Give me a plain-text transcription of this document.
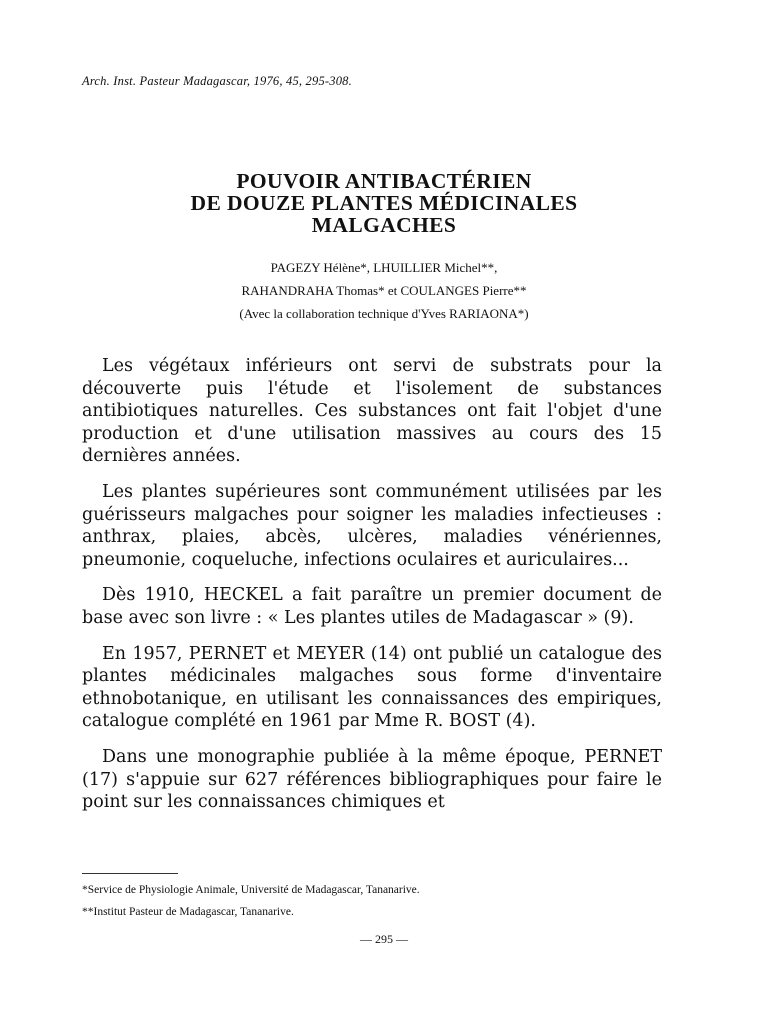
Arch. Inst. Pasteur Madagascar, 1976, 45, 295-308.
POUVOIR ANTIBACTÉRIEN
DE DOUZE PLANTES MÉDICINALES
MALGACHES
PAGEZY Hélène*, LHUILLIER Michel**,
RAHANDRAHA Thomas* et COULANGES Pierre**
(Avec la collaboration technique d'Yves RARIAONA*)

Les végétaux inférieurs ont servi de substrats pour la découverte puis l'étude et l'isolement de substances antibiotiques naturelles. Ces substances ont fait l'objet d'une production et d'une utilisation massives au cours des 15 dernières années.

Les plantes supérieures sont communément utilisées par les guérisseurs malgaches pour soigner les maladies infectieuses : anthrax, plaies, abcès, ulcères, maladies vénériennes, pneumonie, coqueluche, infections oculaires et auriculaires...

Dès 1910, HECKEL a fait paraître un premier document de base avec son livre : « Les plantes utiles de Madagascar » (9).

En 1957, PERNET et MEYER (14) ont publié un catalogue des plantes médicinales malgaches sous forme d'inventaire ethnobotanique, en utilisant les connaissances des empiriques, catalogue complété en 1961 par Mme R. BOST (4).

Dans une monographie publiée à la même époque, PERNET (17) s'appuie sur 627 références bibliographiques pour faire le point sur les connaissances chimiques et

*Service de Physiologie Animale, Université de Madagascar, Tananarive.
**Institut Pasteur de Madagascar, Tananarive.
— 295 —
